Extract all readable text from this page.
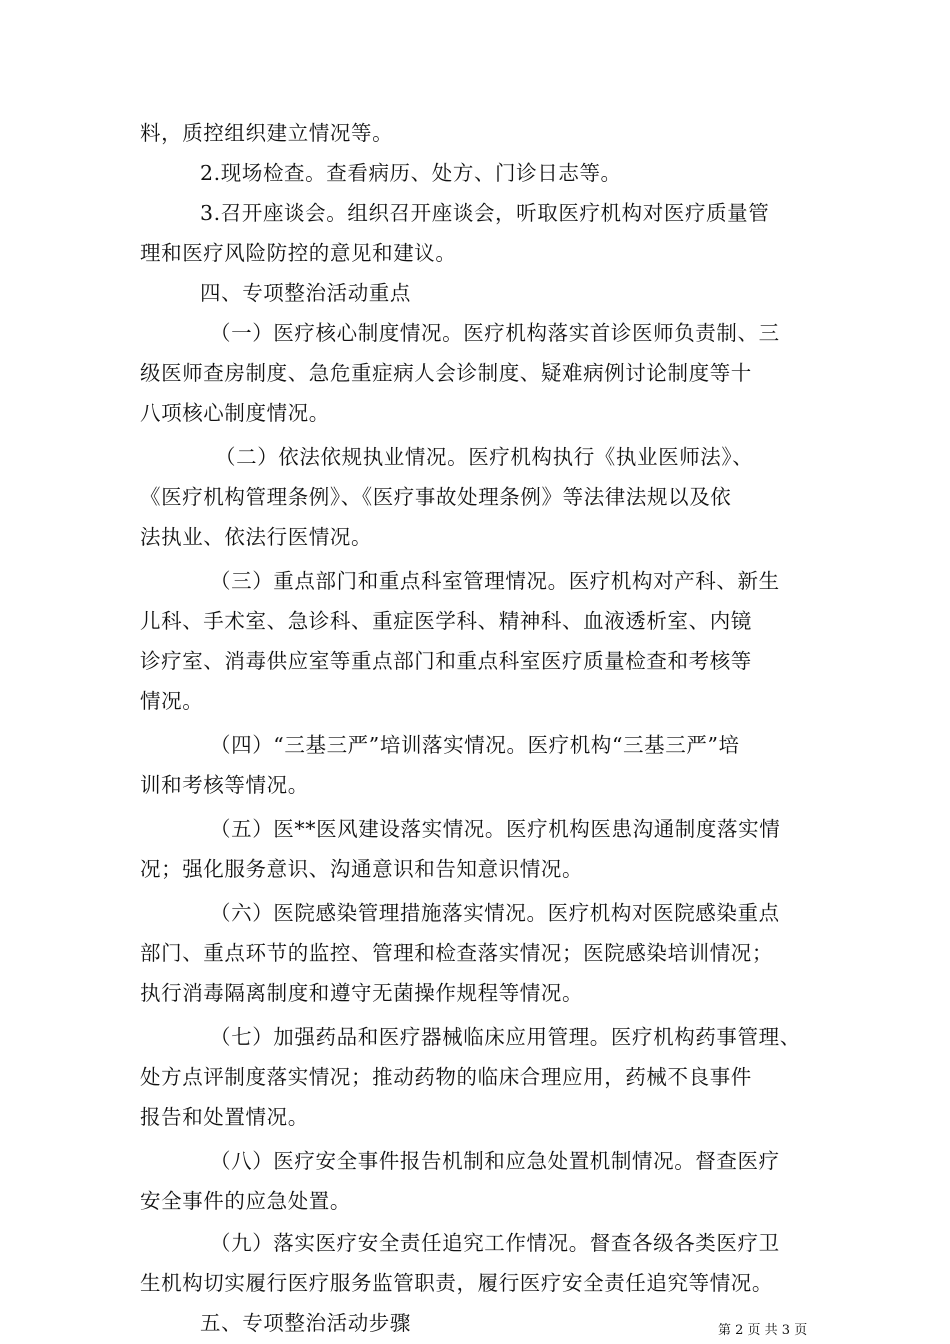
料，质控组织建立情况等。
2.现场检查。查看病历、处方、门诊日志等。
3.召开座谈会。组织召开座谈会，听取医疗机构对医疗质量管
理和医疗风险防控的意见和建议。
四、专项整治活动重点
（一）医疗核心制度情况。医疗机构落实首诊医师负责制、三
级医师查房制度、急危重症病人会诊制度、疑难病例讨论制度等十
八项核心制度情况。
（二）依法依规执业情况。医疗机构执行《执业医师法》、
《医疗机构管理条例》、《医疗事故处理条例》等法律法规以及依
法执业、依法行医情况。
（三）重点部门和重点科室管理情况。医疗机构对产科、新生
儿科、手术室、急诊科、重症医学科、精神科、血液透析室、内镜
诊疗室、消毒供应室等重点部门和重点科室医疗质量检查和考核等
情况。
（四）“三基三严”培训落实情况。医疗机构“三基三严”培
训和考核等情况。
（五）医**医风建设落实情况。医疗机构医患沟通制度落实情
况；强化服务意识、沟通意识和告知意识情况。
（六）医院感染管理措施落实情况。医疗机构对医院感染重点
部门、重点环节的监控、管理和检查落实情况；医院感染培训情况；
执行消毒隔离制度和遵守无菌操作规程等情况。
（七）加强药品和医疗器械临床应用管理。医疗机构药事管理、
处方点评制度落实情况；推动药物的临床合理应用，药械不良事件
报告和处置情况。
（八）医疗安全事件报告机制和应急处置机制情况。督查医疗
安全事件的应急处置。
（九）落实医疗安全责任追究工作情况。督查各级各类医疗卫
生机构切实履行医疗服务监管职责，履行医疗安全责任追究等情况。
五、专项整治活动步骤	第 2 页 共 3 页
